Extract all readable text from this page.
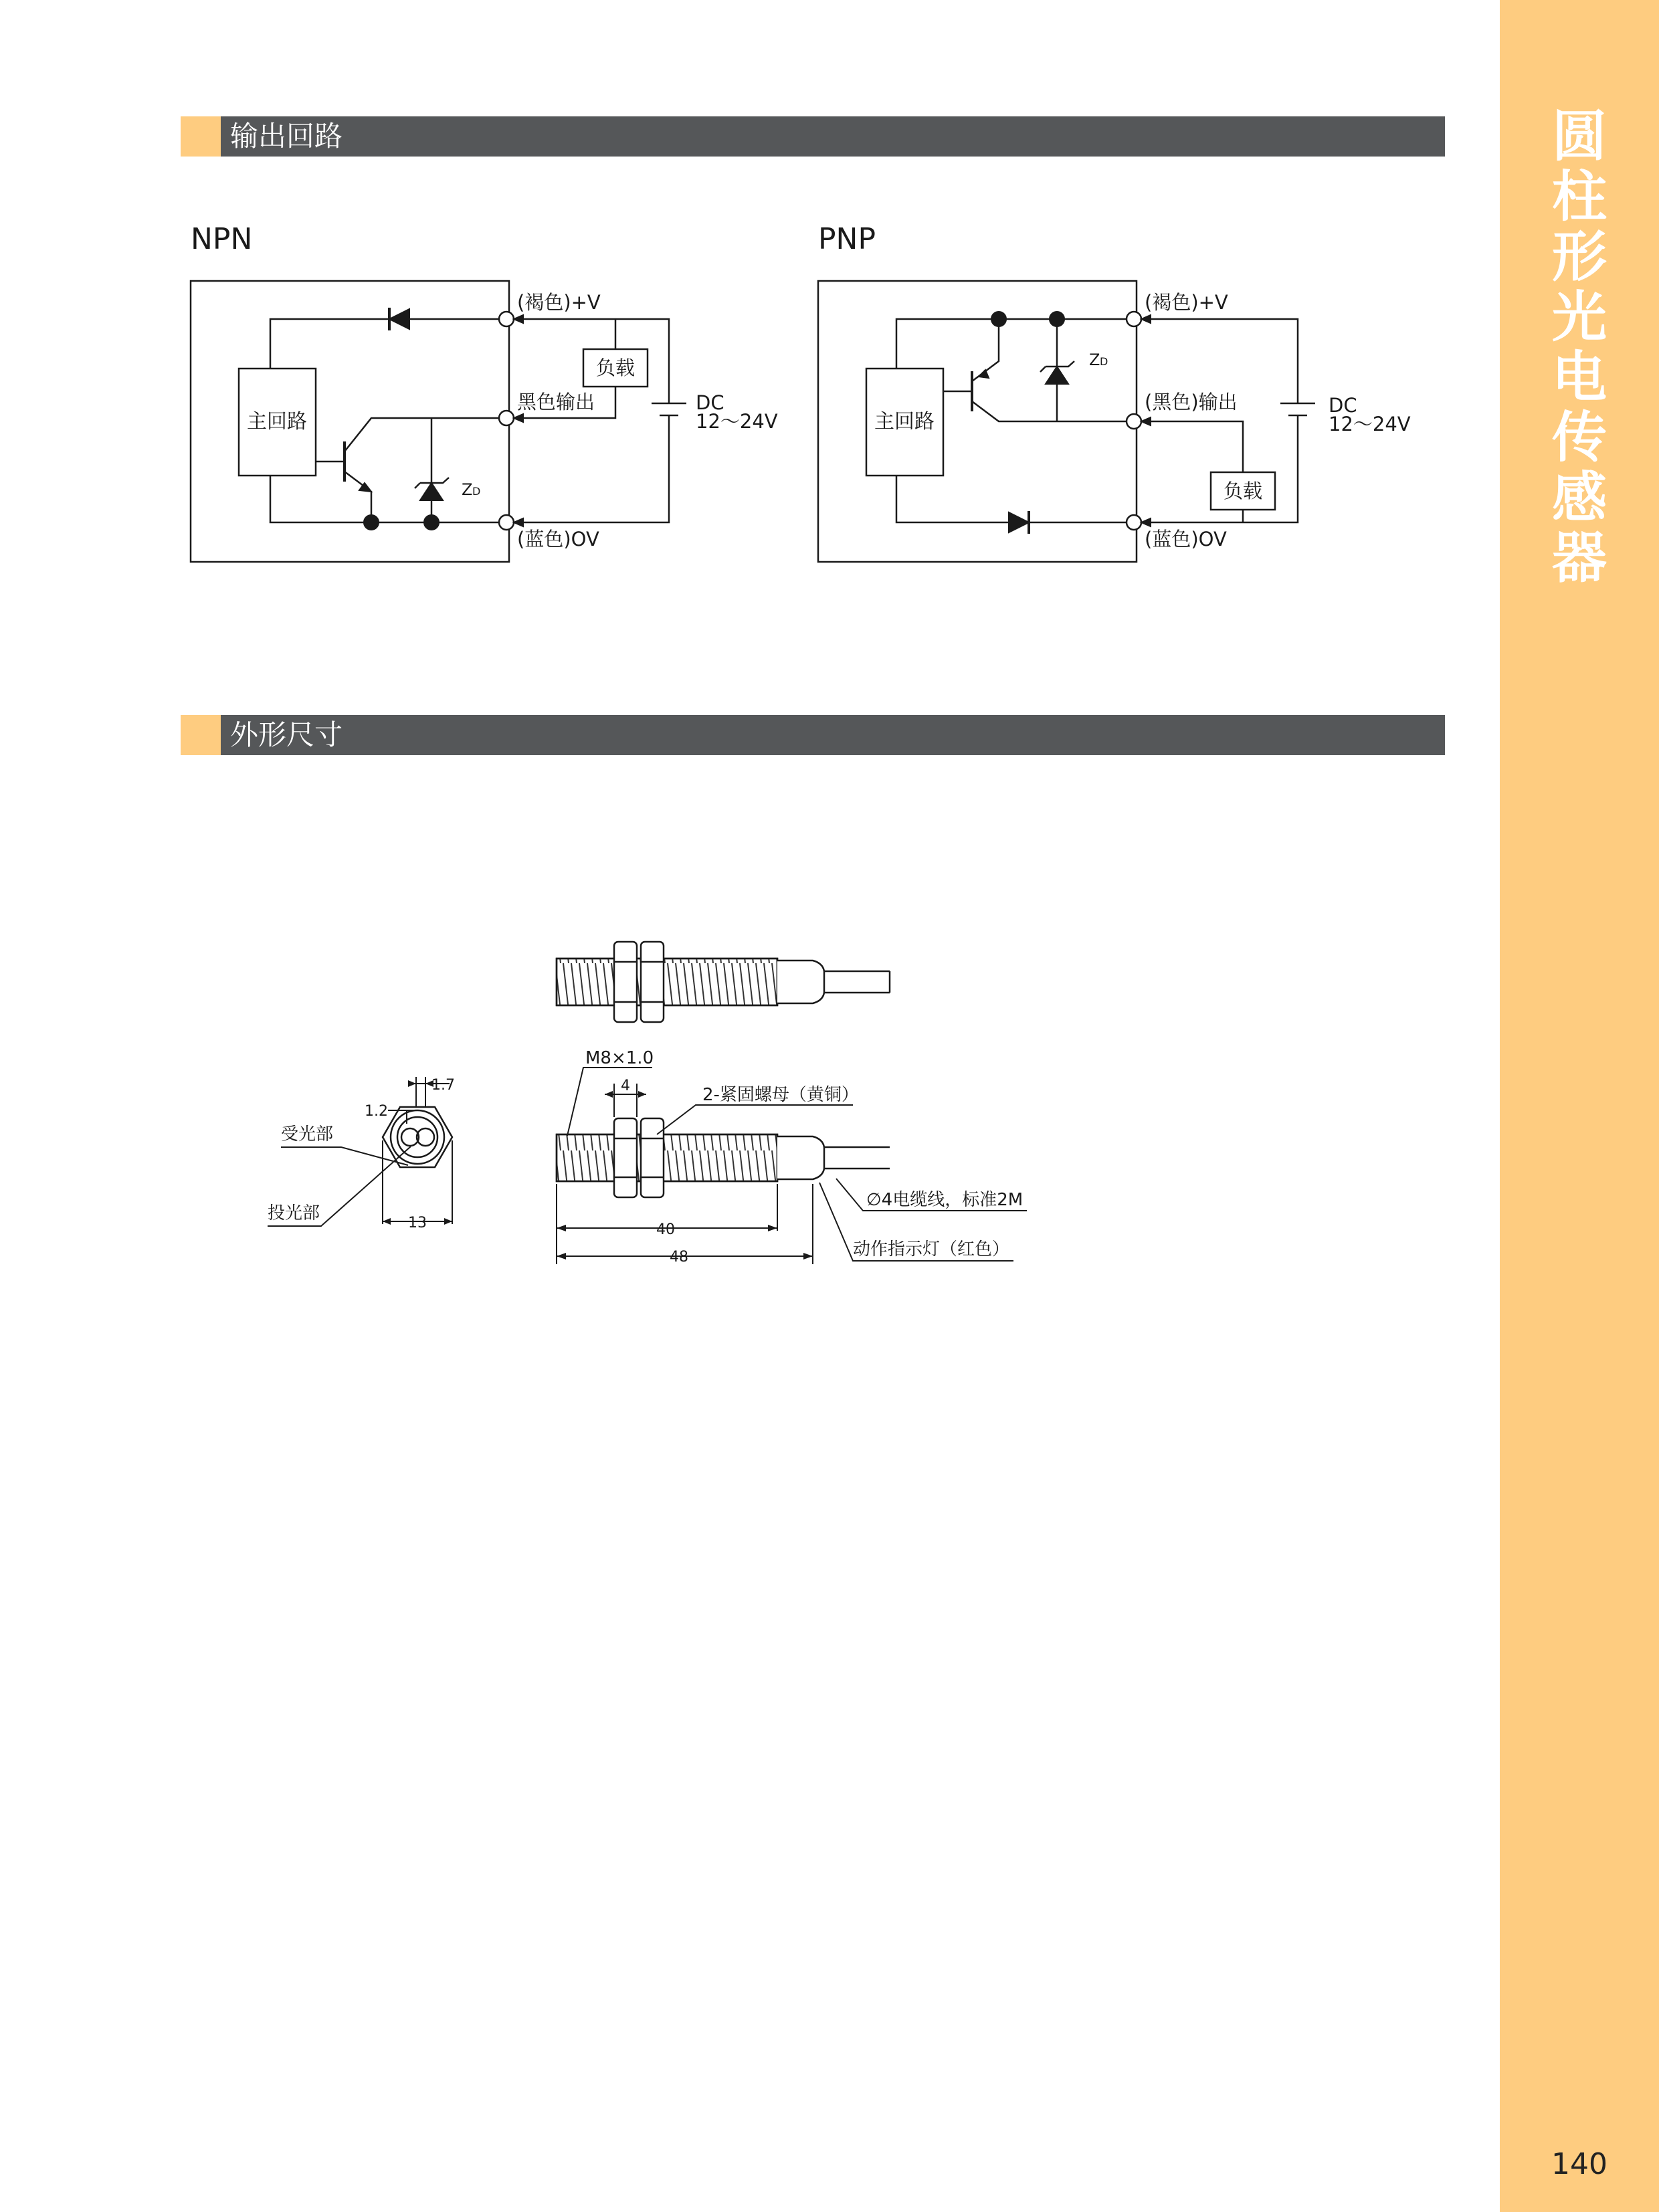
圆
柱
形
光
电
传
感
器
140
输出回路
外形尺寸
NPN
主回路
负载
(褐色)+V
黑色输出
(蓝色)OV
DC
12～24V
Z D
PNP
主回路
负载
(褐色)+V
(黑色)输出
(蓝色)OV
DC
12～24V
Z D
1.7
1.2
13
受光部
投光部
M8×1.0
4	2-紧固螺母（黄铜）
40
48
∅4电缆线，标准2M
动作指示灯（红色）
